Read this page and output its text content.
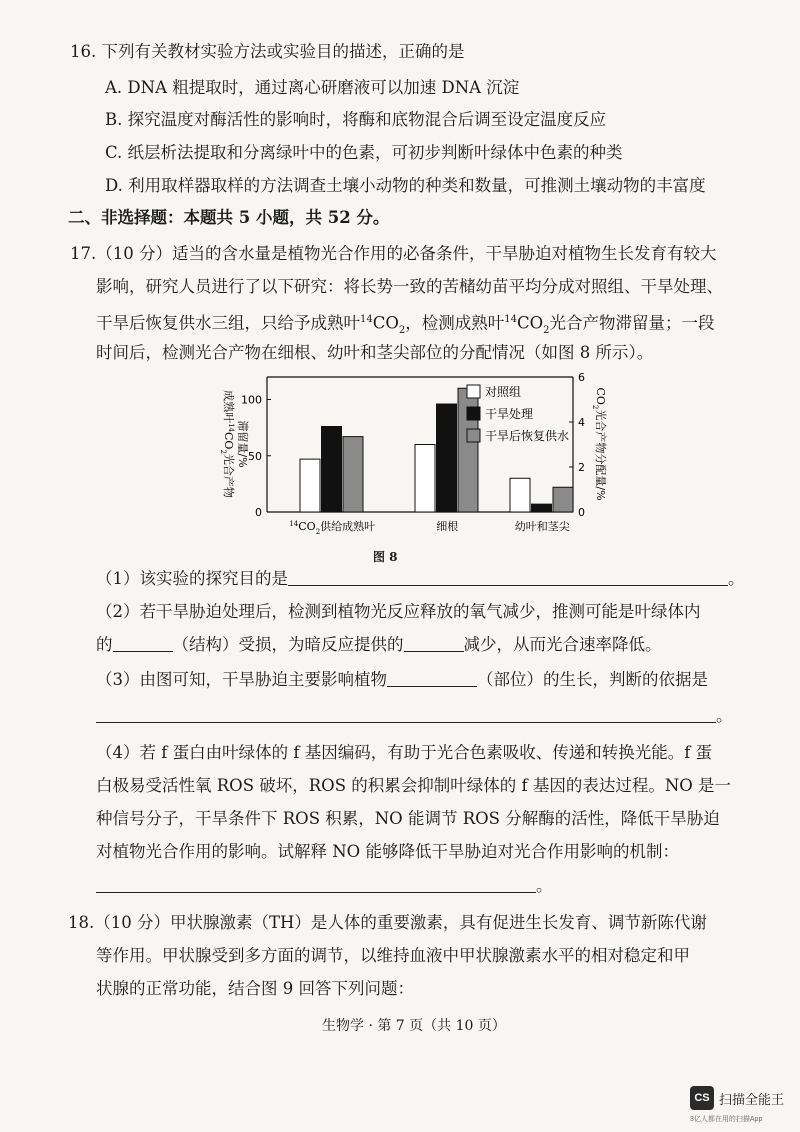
16. 下列有关教材实验方法或实验目的描述，正确的是
A. DNA 粗提取时，通过离心研磨液可以加速 DNA 沉淀
B. 探究温度对酶活性的影响时，将酶和底物混合后调至设定温度反应
C. 纸层析法提取和分离绿叶中的色素，可初步判断叶绿体中色素的种类
D. 利用取样器取样的方法调查土壤小动物的种类和数量，可推测土壤动物的丰富度
二、非选择题：本题共 5 小题，共 52 分。
17.（10 分）适当的含水量是植物光合作用的必备条件，干旱胁迫对植物生长发育有较大
影响，研究人员进行了以下研究：将长势一致的苦槠幼苗平均分成对照组、干旱处理、
干旱后恢复供水三组，只给予成熟叶$^{14}CO_2$，检测成熟叶$^{14}CO_2$光合产物滞留量；一段
时间后，检测光合产物在细根、幼叶和茎尖部位的分配情况（如图 8 所示）。
0
50
100
0
2
4
6
成熟叶$^{14}CO_2$光合产物
滞留量/%
$CO_2$光合产物分配量/%
$^{14}CO_2$供给成熟叶	细根	幼叶和茎尖
对照组
干旱处理
干旱后恢复供水
图 8
（1）该实验的探究目的是	。
（2）若干旱胁迫处理后，检测到植物光反应释放的氧气减少，推测可能是叶绿体内
的	（结构）受损，为暗反应提供的	减少，从而光合速率降低。
（3）由图可知，干旱胁迫主要影响植物	（部位）的生长，判断的依据是
。
（4）若 f 蛋白由叶绿体的 f 基因编码，有助于光合色素吸收、传递和转换光能。f 蛋
白极易受活性氧 ROS 破坏，ROS 的积累会抑制叶绿体的 f 基因的表达过程。NO 是一
种信号分子，干旱条件下 ROS 积累，NO 能调节 ROS 分解酶的活性，降低干旱胁迫
对植物光合作用的影响。试解释 NO 能够降低干旱胁迫对光合作用影响的机制：
。
18.（10 分）甲状腺激素（TH）是人体的重要激素，具有促进生长发育、调节新陈代谢
等作用。甲状腺受到多方面的调节，以维持血液中甲状腺激素水平的相对稳定和甲
状腺的正常功能，结合图 9 回答下列问题：
生物学 · 第 7 页（共 10 页）
CS 扫描全能王
3亿人都在用的扫描App
